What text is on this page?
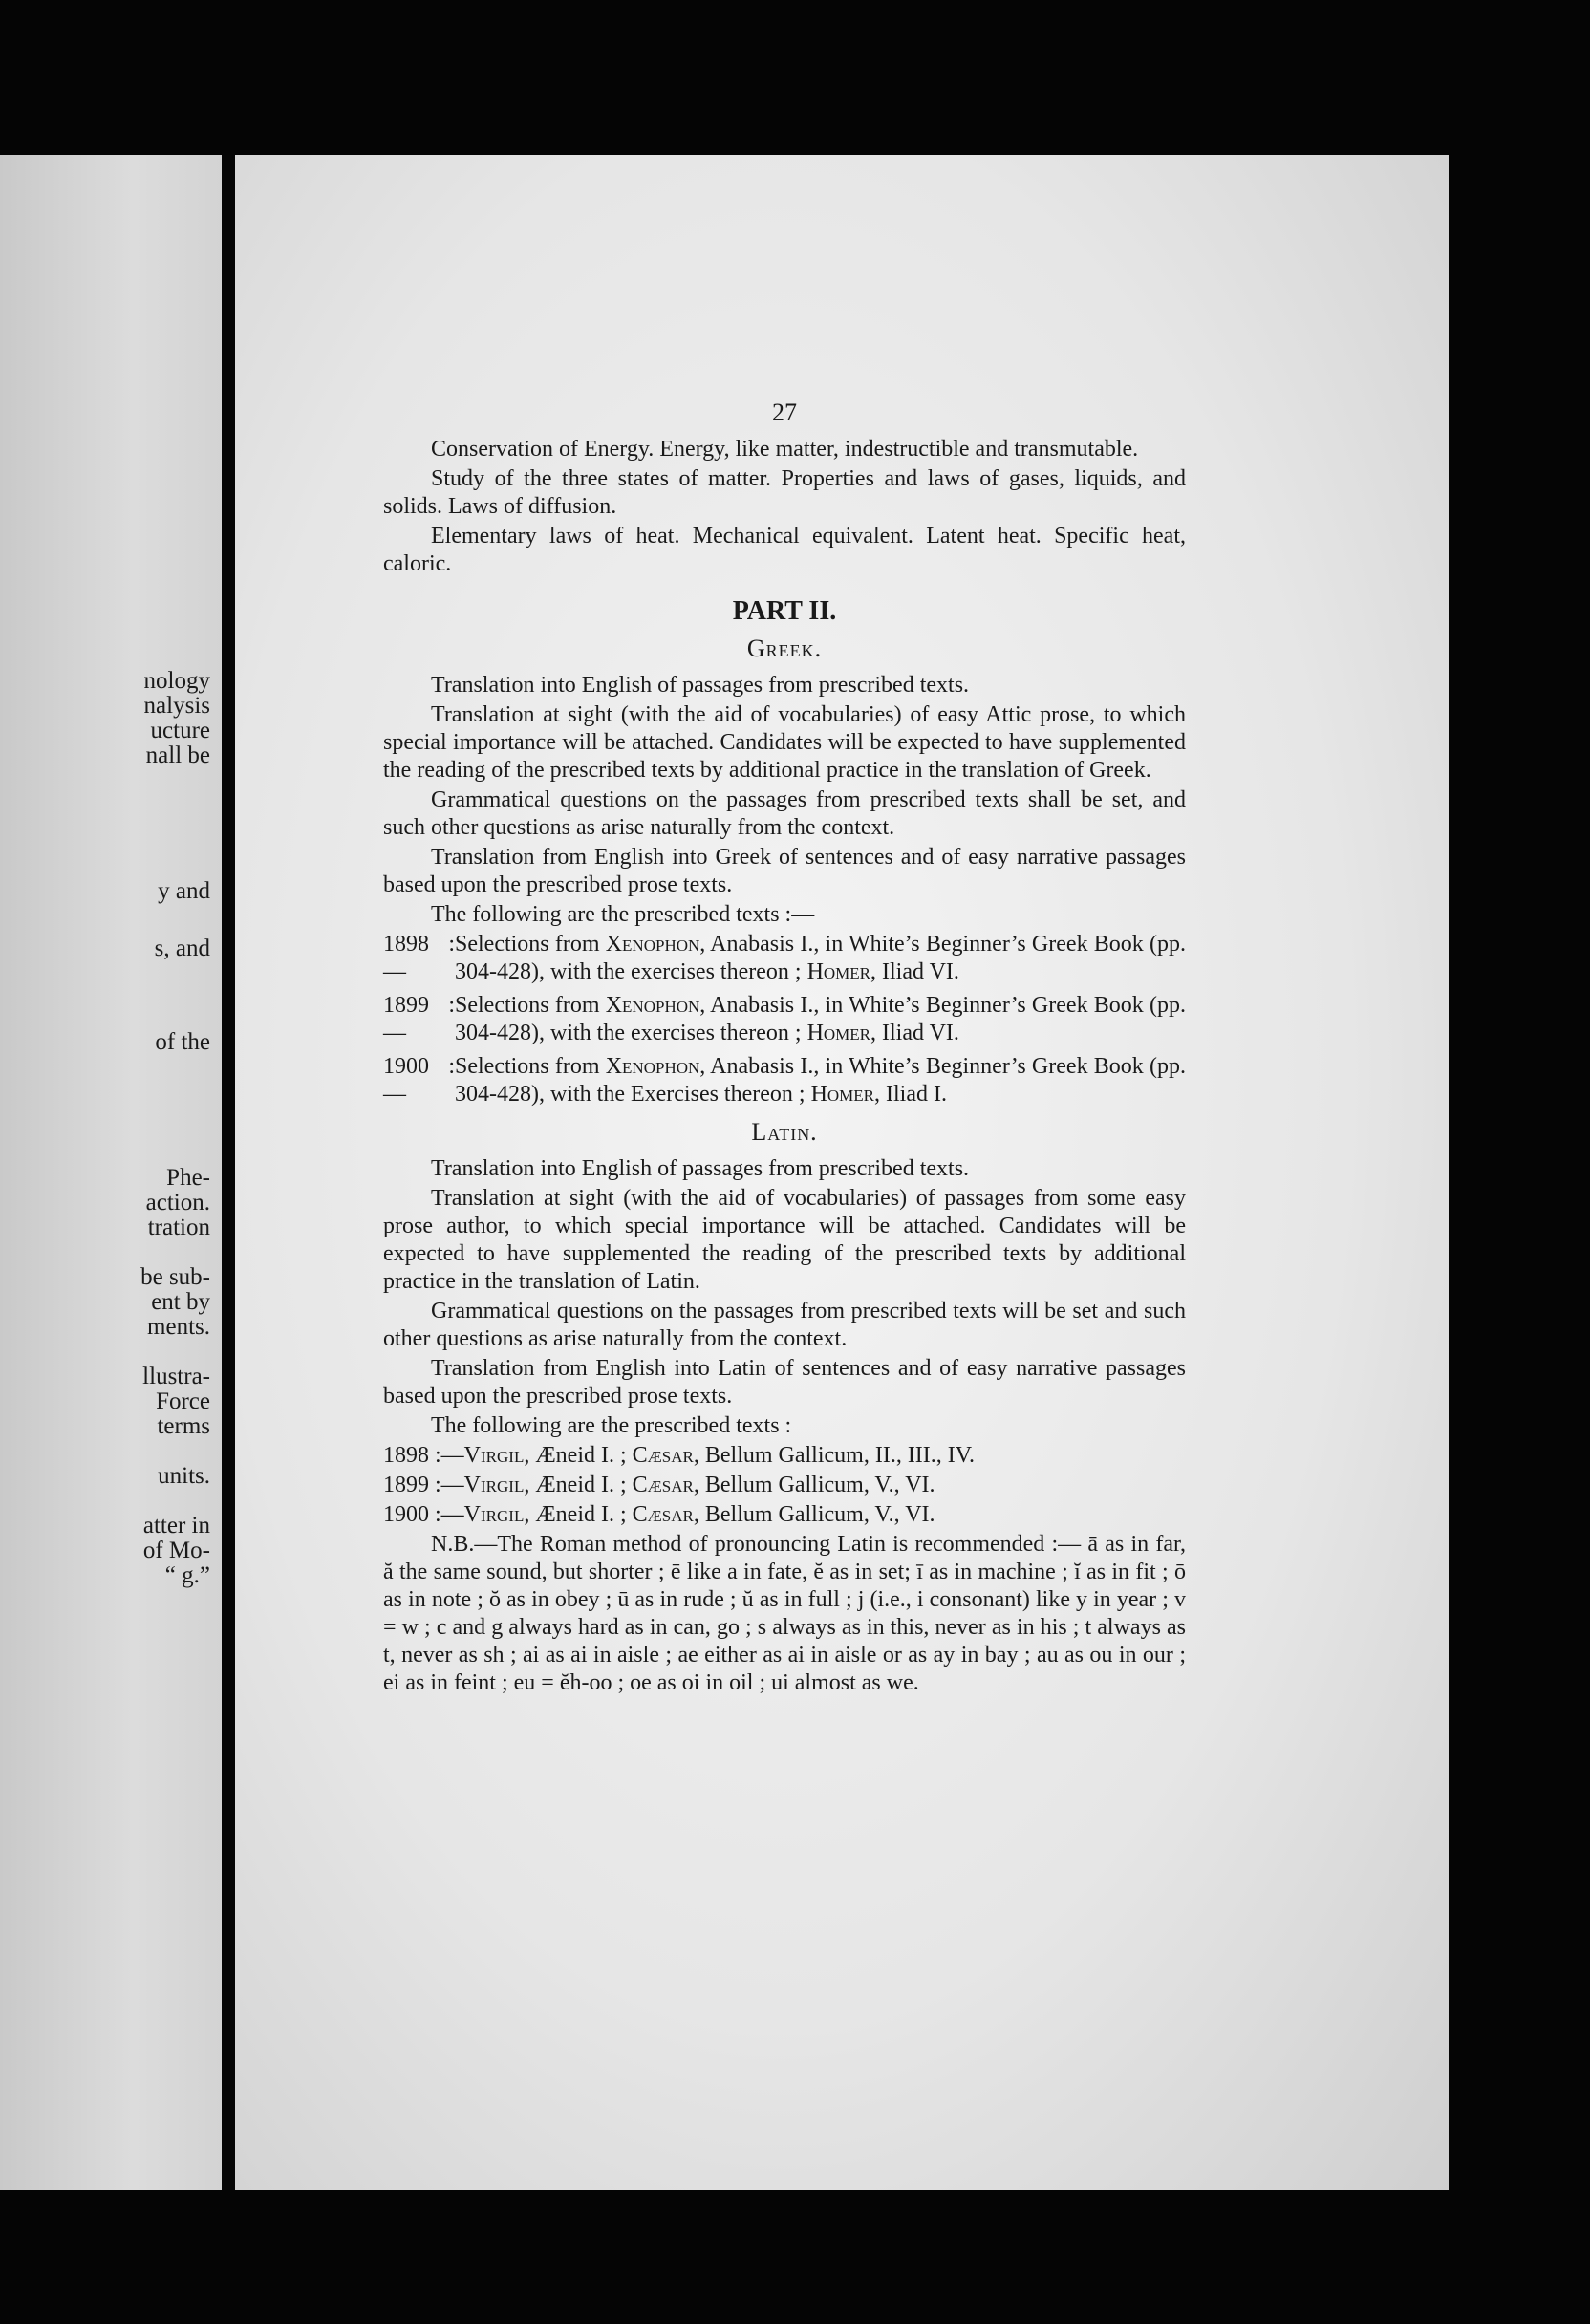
nology
nalysis
ucture
nall be
y and
s, and
of the
Phe-
action.
tration
be sub-
ent by
ments.
llustra-
Force
terms
units.
atter in
of Mo-
“ g.”
27

Conservation of Energy. Energy, like matter, indestructible and transmutable.

Study of the three states of matter. Properties and laws of gases, liquids, and solids. Laws of diffusion.

Elementary laws of heat. Mechanical equivalent. Latent heat. Specific heat, caloric.

PART II.
Greek.

Translation into English of passages from prescribed texts.

Translation at sight (with the aid of vocabularies) of easy Attic prose, to which special importance will be attached. Candidates will be expected to have supplemented the reading of the prescribed texts by additional practice in the translation of Greek.

Grammatical questions on the passages from prescribed texts shall be set, and such other questions as arise naturally from the context.

Translation from English into Greek of sentences and of easy narrative passages based upon the prescribed prose texts.

The following are the prescribed texts :—

1898 :—
Selections from Xenophon, Anabasis I., in White’s Beginner’s Greek Book (pp. 304-428), with the exercises thereon ; Homer, Iliad VI.
1899 :—
Selections from Xenophon, Anabasis I., in White’s Beginner’s Greek Book (pp. 304-428), with the exercises thereon ; Homer, Iliad VI.
1900 :—
Selections from Xenophon, Anabasis I., in White’s Beginner’s Greek Book (pp. 304-428), with the Exercises thereon ; Homer, Iliad I.
Latin.

Translation into English of passages from prescribed texts.

Translation at sight (with the aid of vocabularies) of passages from some easy prose author, to which special importance will be attached. Candidates will be expected to have supplemented the reading of the prescribed texts by additional practice in the translation of Latin.

Grammatical questions on the passages from prescribed texts will be set and such other questions as arise naturally from the context.

Translation from English into Latin of sentences and of easy narrative passages based upon the prescribed prose texts.

The following are the prescribed texts :

1898 :—Virgil, Æneid I. ; Cæsar, Bellum Gallicum, II., III., IV.
1899 :—Virgil, Æneid I. ; Cæsar, Bellum Gallicum, V., VI.
1900 :—Virgil, Æneid I. ; Cæsar, Bellum Gallicum, V., VI.

N.B.—The Roman method of pronouncing Latin is recommended :— ā as in far, ă the same sound, but shorter ; ē like a in fate, ĕ as in set; ī as in machine ; ĭ as in fit ; ō as in note ; ŏ as in obey ; ū as in rude ; ŭ as in full ; j (i.e., i consonant) like y in year ; v = w ; c and g always hard as in can, go ; s always as in this, never as in his ; t always as t, never as sh ; ai as ai in aisle ; ae either as ai in aisle or as ay in bay ; au as ou in our ; ei as in feint ; eu = ĕh-oo ; oe as oi in oil ; ui almost as we.
